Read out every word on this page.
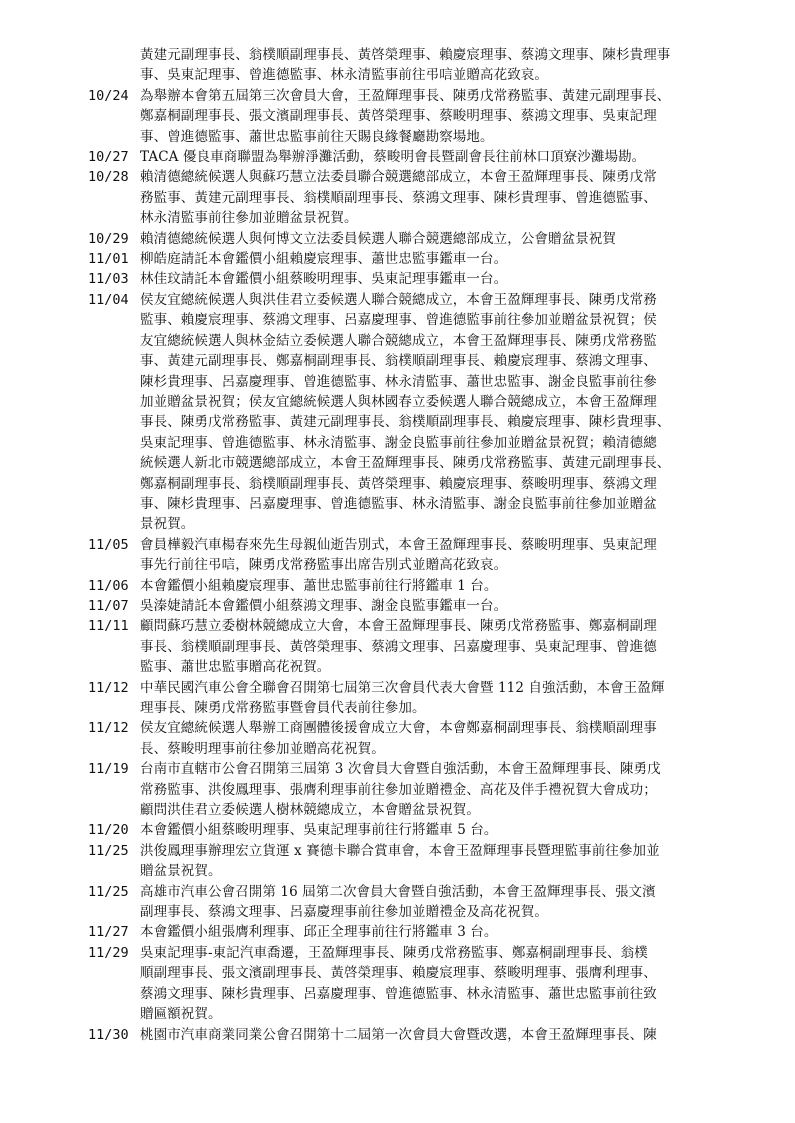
黃建元副理事長、翁樸順副理事長、黃啓榮理事、賴慶宸理事、蔡鴻文理事、陳杉貴理事
事、吳東記理事、曾進德監事、林永清監事前往弔唁並贈高花致哀。
10/24 為舉辦本會第五屆第三次會員大會，王盈輝理事長、陳勇戊常務監事、黃建元副理事長、
鄭嘉桐副理事長、張文濱副理事長、黃啓榮理事、蔡畯明理事、蔡鴻文理事、吳東記理
事、曾進德監事、蕭世忠監事前往天賜良緣餐廳勘察場地。
10/27 TACA 優良車商聯盟為舉辦淨灘活動，蔡畯明會長暨副會長往前林口頂寮沙灘場勘。
10/28 賴清德總統候選人與蘇巧慧立法委員聯合競選總部成立，本會王盈輝理事長、陳勇戊常
務監事、黃建元副理事長、翁樸順副理事長、蔡鴻文理事、陳杉貴理事、曾進德監事、
林永清監事前往參加並贈盆景祝賀。
10/29 賴清德總統候選人與何博文立法委員候選人聯合競選總部成立，公會贈盆景祝賀
11/01 柳皓庭請託本會鑑價小組賴慶宸理事、蕭世忠監事鑑車一台。
11/03 林佳玟請託本會鑑價小組蔡畯明理事、吳東記理事鑑車一台。
11/04 侯友宜總統候選人與洪佳君立委候選人聯合競總成立，本會王盈輝理事長、陳勇戊常務
監事、賴慶宸理事、蔡鴻文理事、呂嘉慶理事、曾進德監事前往參加並贈盆景祝賀；侯
友宜總統候選人與林金結立委候選人聯合競總成立，本會王盈輝理事長、陳勇戊常務監
事、黃建元副理事長、鄭嘉桐副理事長、翁樸順副理事長、賴慶宸理事、蔡鴻文理事、
陳杉貴理事、呂嘉慶理事、曾進德監事、林永清監事、蕭世忠監事、謝金良監事前往參
加並贈盆景祝賀；侯友宜總統候選人與林國春立委候選人聯合競總成立，本會王盈輝理
事長、陳勇戊常務監事、黃建元副理事長、翁樸順副理事長、賴慶宸理事、陳杉貴理事、
吳東記理事、曾進德監事、林永清監事、謝金良監事前往參加並贈盆景祝賀；賴清德總
統候選人新北市競選總部成立，本會王盈輝理事長、陳勇戊常務監事、黃建元副理事長、
鄭嘉桐副理事長、翁樸順副理事長、黃啓榮理事、賴慶宸理事、蔡畯明理事、蔡鴻文理
事、陳杉貴理事、呂嘉慶理事、曾進德監事、林永清監事、謝金良監事前往參加並贈盆
景祝賀。
11/05 會員樺毅汽車楊春來先生母親仙逝告別式，本會王盈輝理事長、蔡畯明理事、吳東記理
事先行前往弔唁，陳勇戊常務監事出席告別式並贈高花致哀。
11/06 本會鑑價小組賴慶宸理事、蕭世忠監事前往行將鑑車 1 台。
11/07 吳溱婕請託本會鑑價小組蔡鴻文理事、謝金良監事鑑車一台。
11/11 顧問蘇巧慧立委樹林競總成立大會，本會王盈輝理事長、陳勇戊常務監事、鄭嘉桐副理
事長、翁樸順副理事長、黃啓榮理事、蔡鴻文理事、呂嘉慶理事、吳東記理事、曾進德
監事、蕭世忠監事贈高花祝賀。
11/12 中華民國汽車公會全聯會召開第七屆第三次會員代表大會暨 112 自強活動，本會王盈輝
理事長、陳勇戊常務監事暨會員代表前往參加。
11/12 侯友宜總統候選人舉辦工商團體後援會成立大會，本會鄭嘉桐副理事長、翁樸順副理事
長、蔡畯明理事前往參加並贈高花祝賀。
11/19 台南市直轄市公會召開第三屆第 3 次會員大會暨自強活動，本會王盈輝理事長、陳勇戊
常務監事、洪俊鳳理事、張膺利理事前往參加並贈禮金、高花及伴手禮祝賀大會成功；
顧問洪佳君立委候選人樹林競總成立，本會贈盆景祝賀。
11/20 本會鑑價小組蔡畯明理事、吳東記理事前往行將鑑車 5 台。
11/25 洪俊鳳理事辦理宏立貨運 x 賽德卡聯合賞車會，本會王盈輝理事長暨理監事前往參加並
贈盆景祝賀。
11/25 高雄市汽車公會召開第 16 屆第二次會員大會暨自強活動，本會王盈輝理事長、張文濱
副理事長、蔡鴻文理事、呂嘉慶理事前往參加並贈禮金及高花祝賀。
11/27 本會鑑價小組張膺利理事、邱正全理事前往行將鑑車 3 台。
11/29 吳東記理事-東記汽車喬遷，王盈輝理事長、陳勇戊常務監事、鄭嘉桐副理事長、翁樸
順副理事長、張文濱副理事長、黃啓榮理事、賴慶宸理事、蔡畯明理事、張膺利理事、
蔡鴻文理事、陳杉貴理事、呂嘉慶理事、曾進德監事、林永清監事、蕭世忠監事前往致
贈匾額祝賀。
11/30 桃園市汽車商業同業公會召開第十二屆第一次會員大會暨改選，本會王盈輝理事長、陳
